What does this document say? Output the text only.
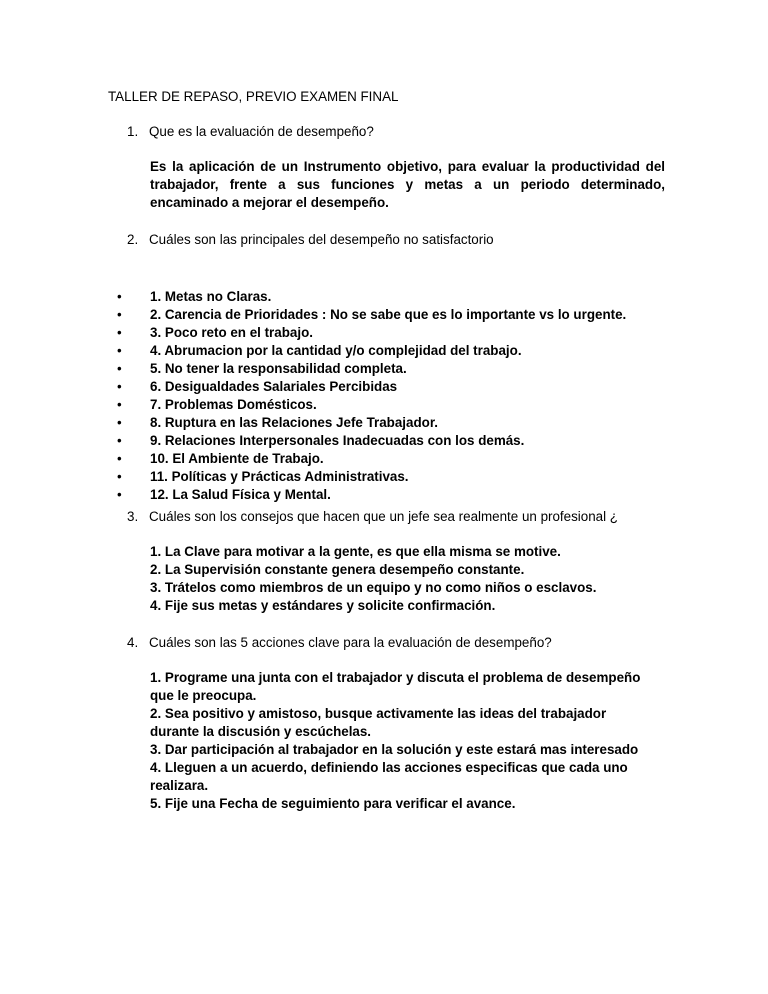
TALLER DE REPASO, PREVIO EXAMEN FINAL
1. Que es la evaluación de desempeño?
Es la aplicación de un Instrumento objetivo, para evaluar la productividad del trabajador, frente a sus funciones y metas a un periodo determinado, encaminado a mejorar el desempeño.
2. Cuáles son las principales del desempeño no satisfactorio
• 1. Metas no Claras.
• 2. Carencia de Prioridades : No se sabe que es lo importante vs lo urgente.
• 3. Poco reto en el trabajo.
• 4. Abrumacion por la cantidad y/o complejidad del trabajo.
• 5. No tener la responsabilidad completa.
• 6. Desigualdades Salariales Percibidas
• 7. Problemas Domésticos.
• 8. Ruptura en las Relaciones Jefe Trabajador.
• 9. Relaciones Interpersonales Inadecuadas con los demás.
• 10. El Ambiente de Trabajo.
• 11. Políticas y Prácticas Administrativas.
• 12. La Salud Física y Mental.
3. Cuáles son los consejos que hacen que un jefe sea realmente un profesional ¿
1. La Clave para motivar a la gente, es que ella misma se motive.
2. La Supervisión constante genera desempeño constante.
3. Trátelos como miembros de un equipo y no como niños o esclavos.
4. Fije sus metas y estándares y solicite confirmación.
4. Cuáles son las 5 acciones clave para la evaluación de desempeño?
1. Programe una junta con el trabajador y discuta el problema de desempeño
que le preocupa.
2. Sea positivo y amistoso, busque activamente las ideas del trabajador
durante la discusión y escúchelas.
3. Dar participación al trabajador en la solución y este estará mas interesado
4. Lleguen a un acuerdo, definiendo las acciones especificas que cada uno
realizara.
5. Fije una Fecha de seguimiento para verificar el avance.
